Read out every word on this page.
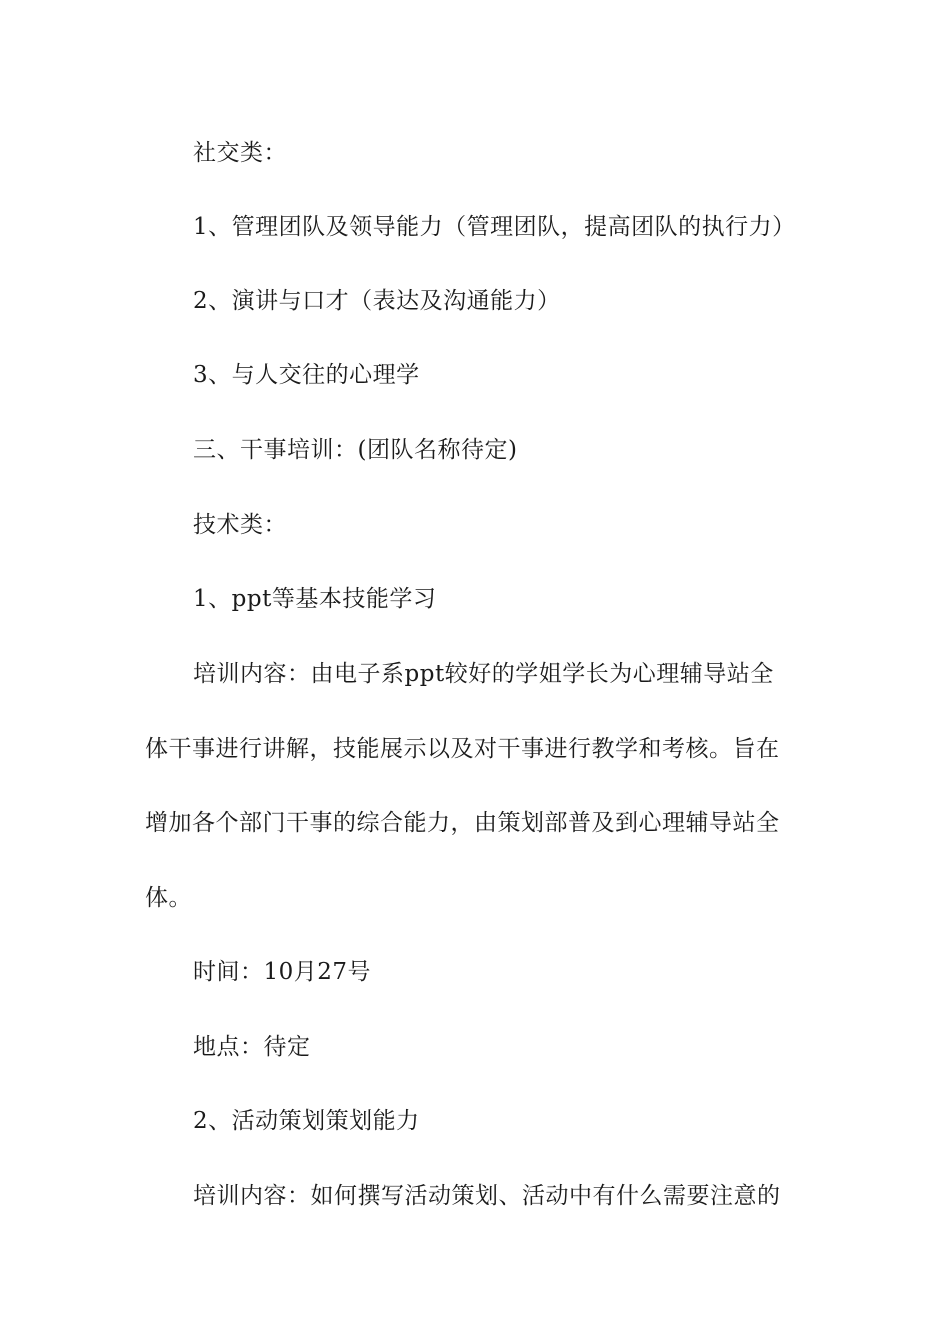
社交类：
1、管理团队及领导能力（管理团队，提高团队的执行力）
2、演讲与口才（表达及沟通能力）
3、与人交往的心理学
三、干事培训：(团队名称待定)
技术类：
1、ppt等基本技能学习
培训内容：由电子系ppt较好的学姐学长为心理辅导站全
体干事进行讲解，技能展示以及对干事进行教学和考核。旨在
增加各个部门干事的综合能力，由策划部普及到心理辅导站全
体。
时间：10月27号
地点：待定
2、活动策划策划能力
培训内容：如何撰写活动策划、活动中有什么需要注意的
